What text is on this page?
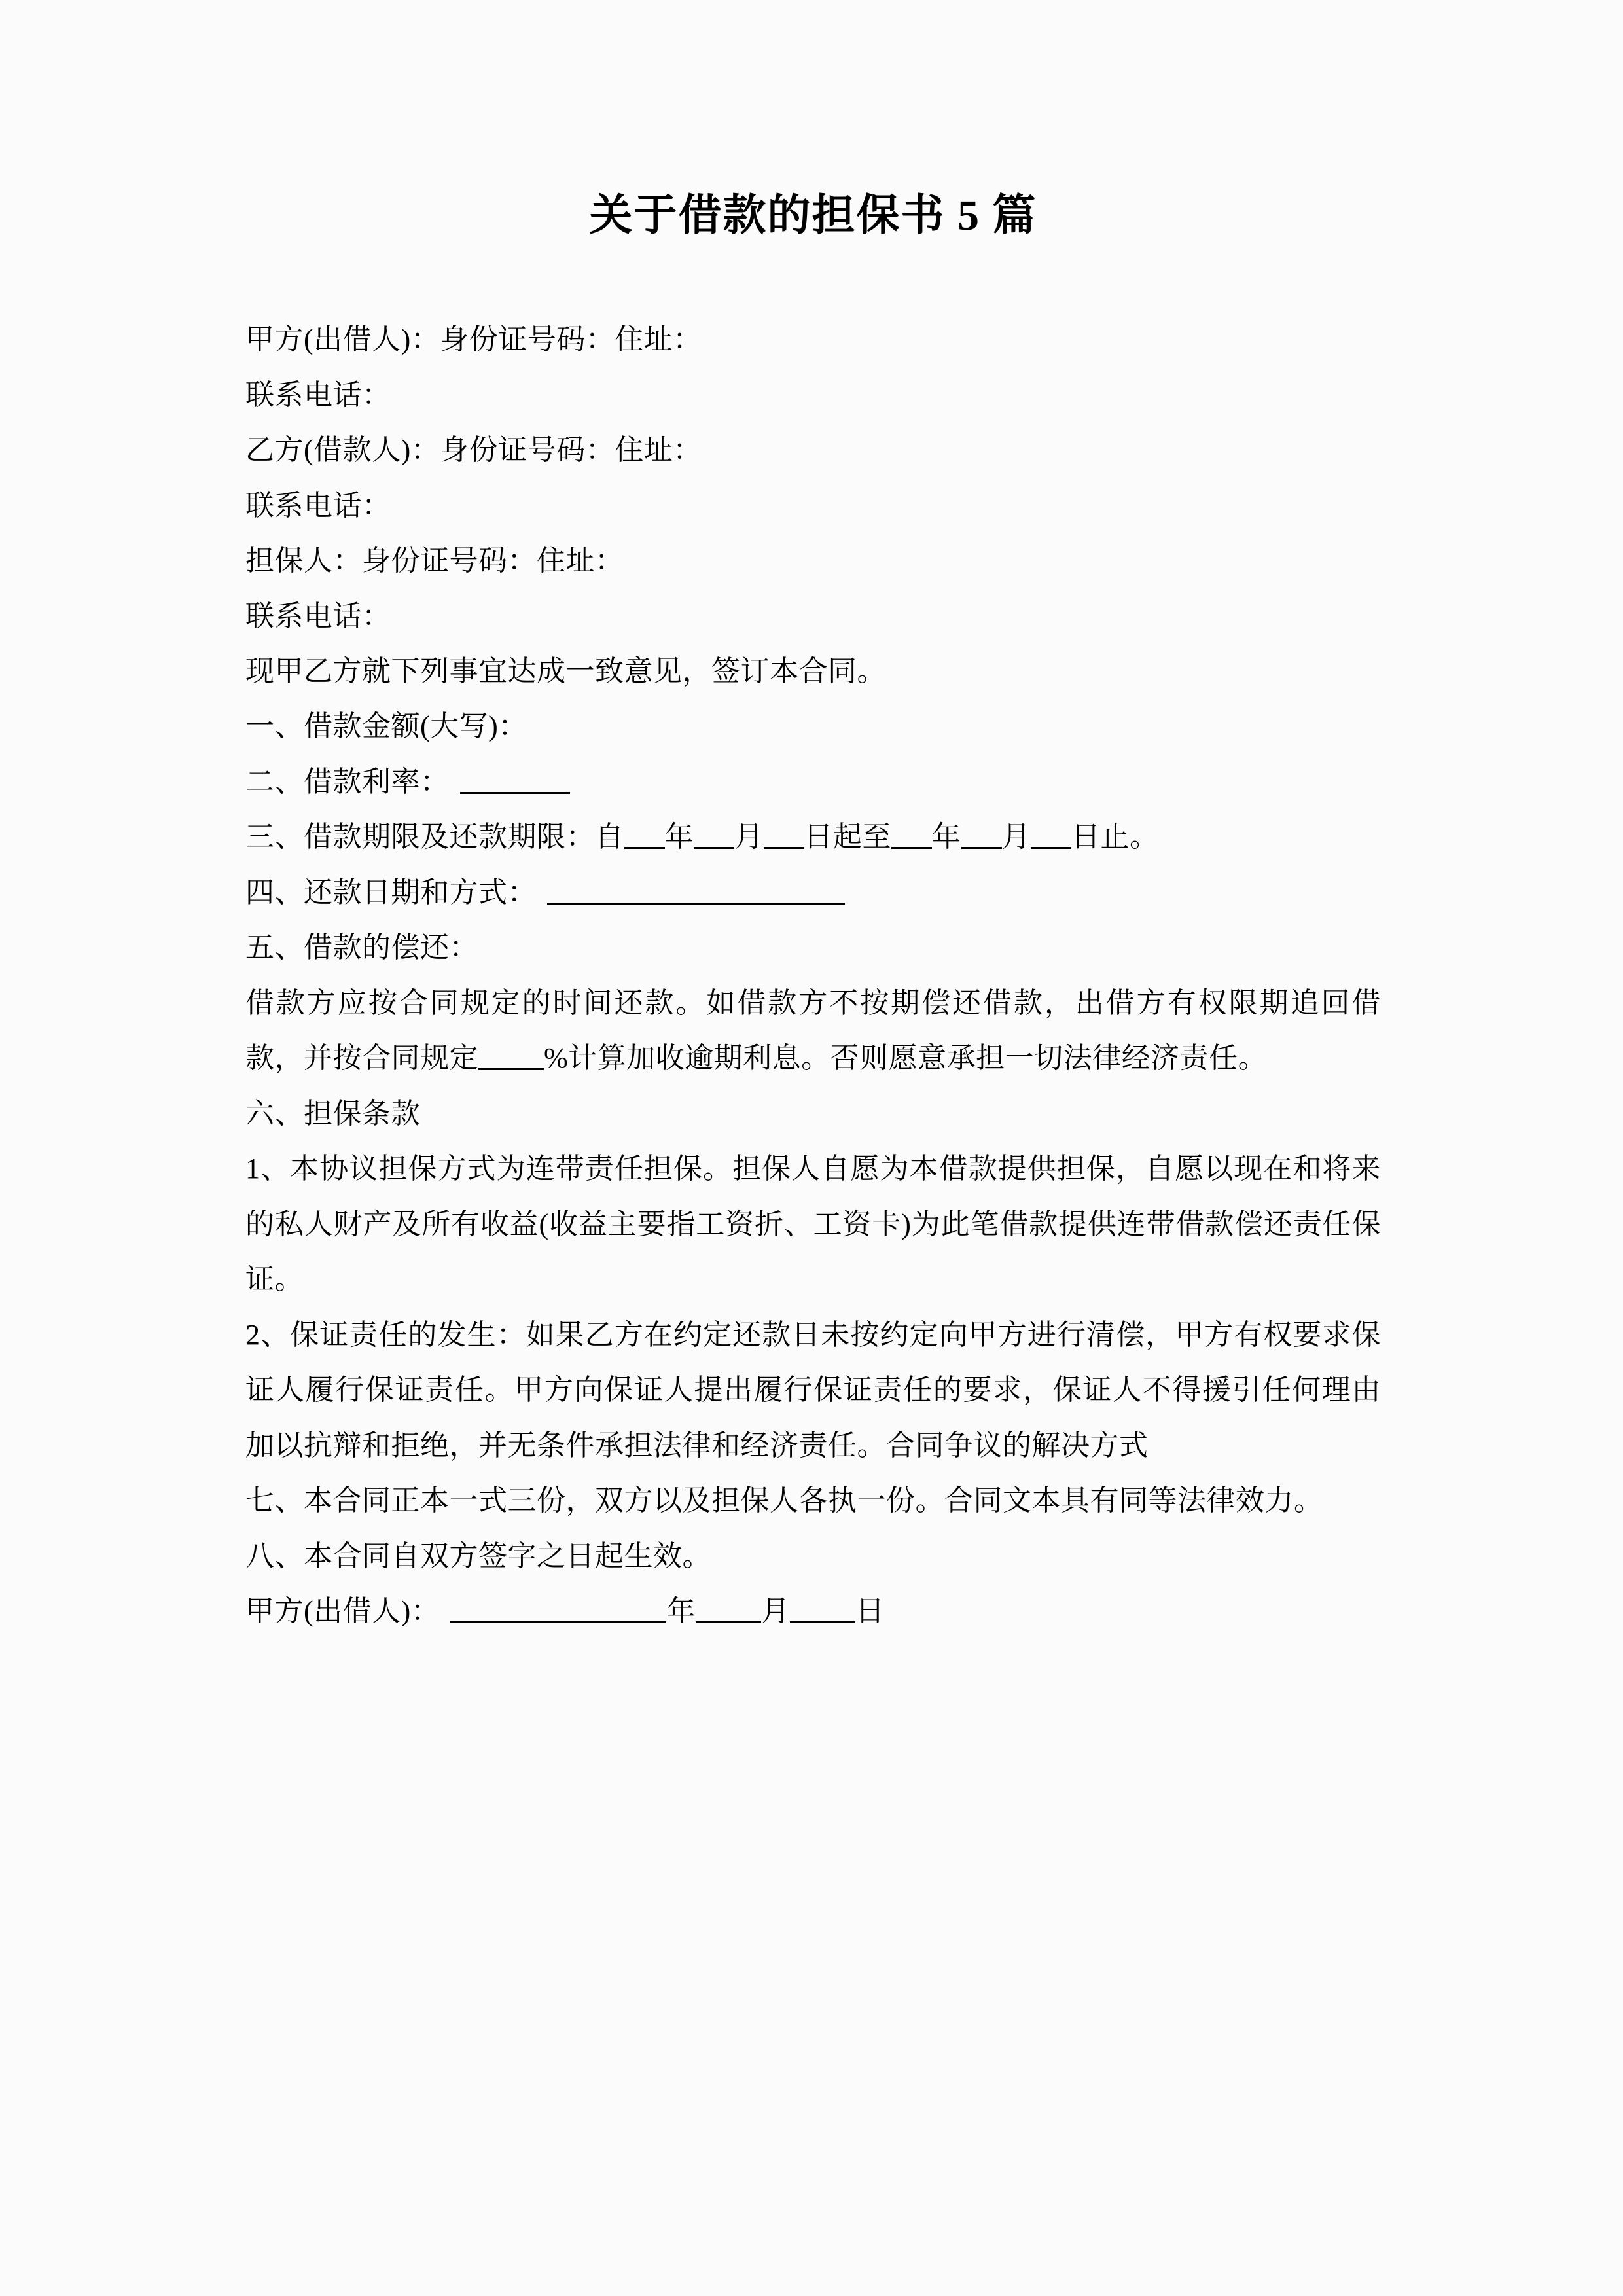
关于借款的担保书 5 篇

甲方(出借人)：身份证号码：住址：

联系电话：

乙方(借款人)：身份证号码：住址：

联系电话：

担保人：身份证号码：住址：

联系电话：

现甲乙方就下列事宜达成一致意见，签订本合同。

一、借款金额(大写)：

二、借款利率：

三、借款期限及还款期限：自 年 月 日起至 年 月 日止。

四、还款日期和方式：

五、借款的偿还：

借款方应按合同规定的时间还款。如借款方不按期偿还借款，出借方有权限期追回借款，并按合同规定 %计算加收逾期利息。否则愿意承担一切法律经济责任。

六、担保条款

1、本协议担保方式为连带责任担保。担保人自愿为本借款提供担保，自愿以现在和将来的私人财产及所有收益(收益主要指工资折、工资卡)为此笔借款提供连带借款偿还责任保证。

2、保证责任的发生：如果乙方在约定还款日未按约定向甲方进行清偿，甲方有权要求保证人履行保证责任。甲方向保证人提出履行保证责任的要求，保证人不得援引任何理由加以抗辩和拒绝，并无条件承担法律和经济责任。合同争议的解决方式

七、本合同正本一式三份，双方以及担保人各执一份。合同文本具有同等法律效力。

八、本合同自双方签字之日起生效。

甲方(出借人)：	年 月 日
